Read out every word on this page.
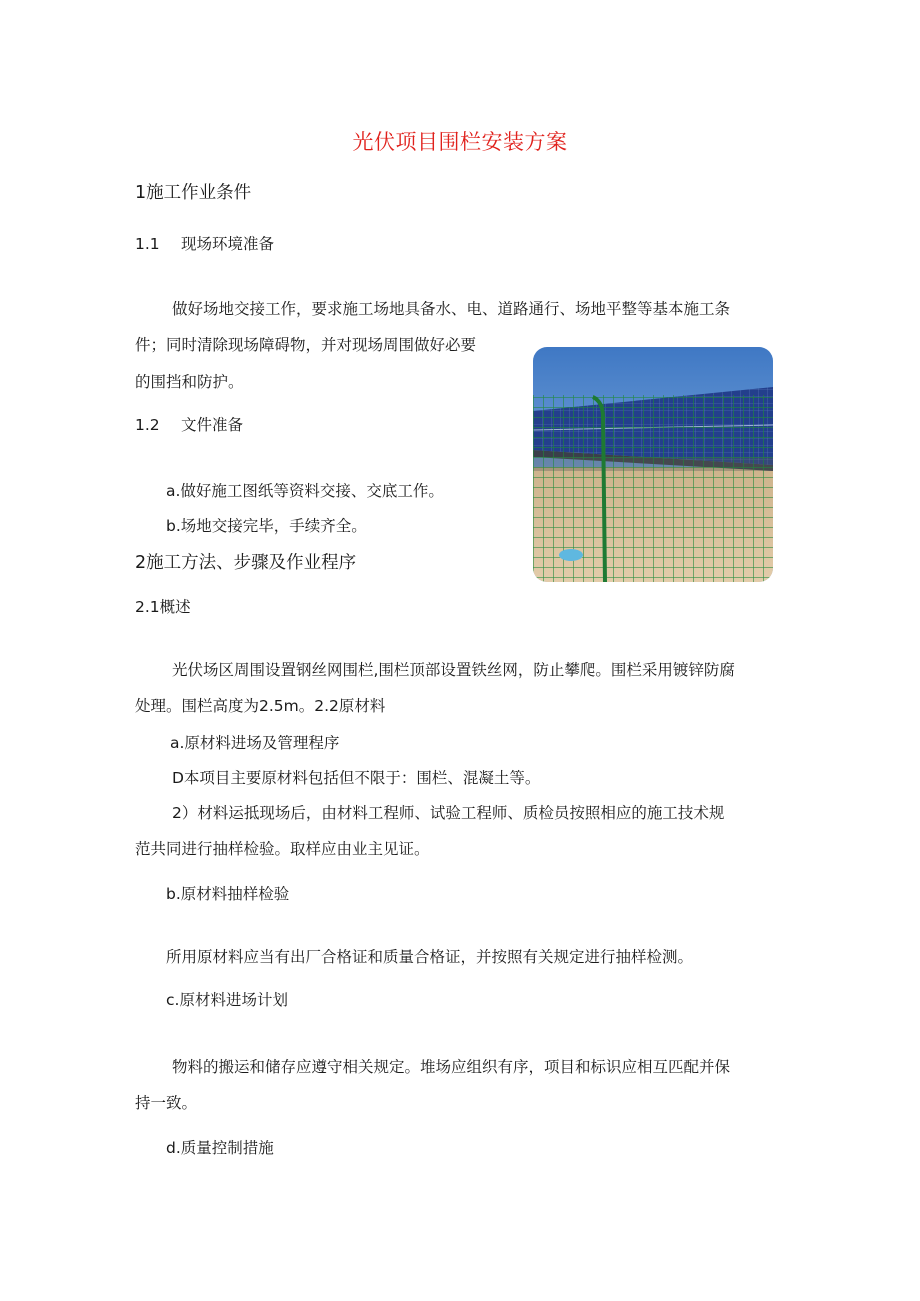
光伏项目围栏安装方案
1施工作业条件
1.1 现场环境准备
做好场地交接工作，要求施工场地具备水、电、道路通行、场地平整等基本施工条
件；同时清除现场障碍物，并对现场周围做好必要
的围挡和防护。
1.2 文件准备
a.做好施工图纸等资料交接、交底工作。
b.场地交接完毕，手续齐全。
2施工方法、步骤及作业程序
2.1概述
光伏场区周围设置钢丝网围栏,围栏顶部设置铁丝网，防止攀爬。围栏采用镀锌防腐
处理。围栏高度为2.5m。2.2原材料
a.原材料进场及管理程序
D本项目主要原材料包括但不限于：围栏、混凝土等。
2）材料运抵现场后，由材料工程师、试验工程师、质检员按照相应的施工技术规
范共同进行抽样检验。取样应由业主见证。
b.原材料抽样检验
所用原材料应当有出厂合格证和质量合格证，并按照有关规定进行抽样检测。
c.原材料进场计划
物料的搬运和储存应遵守相关规定。堆场应组织有序，项目和标识应相互匹配并保
持一致。
d.质量控制措施
